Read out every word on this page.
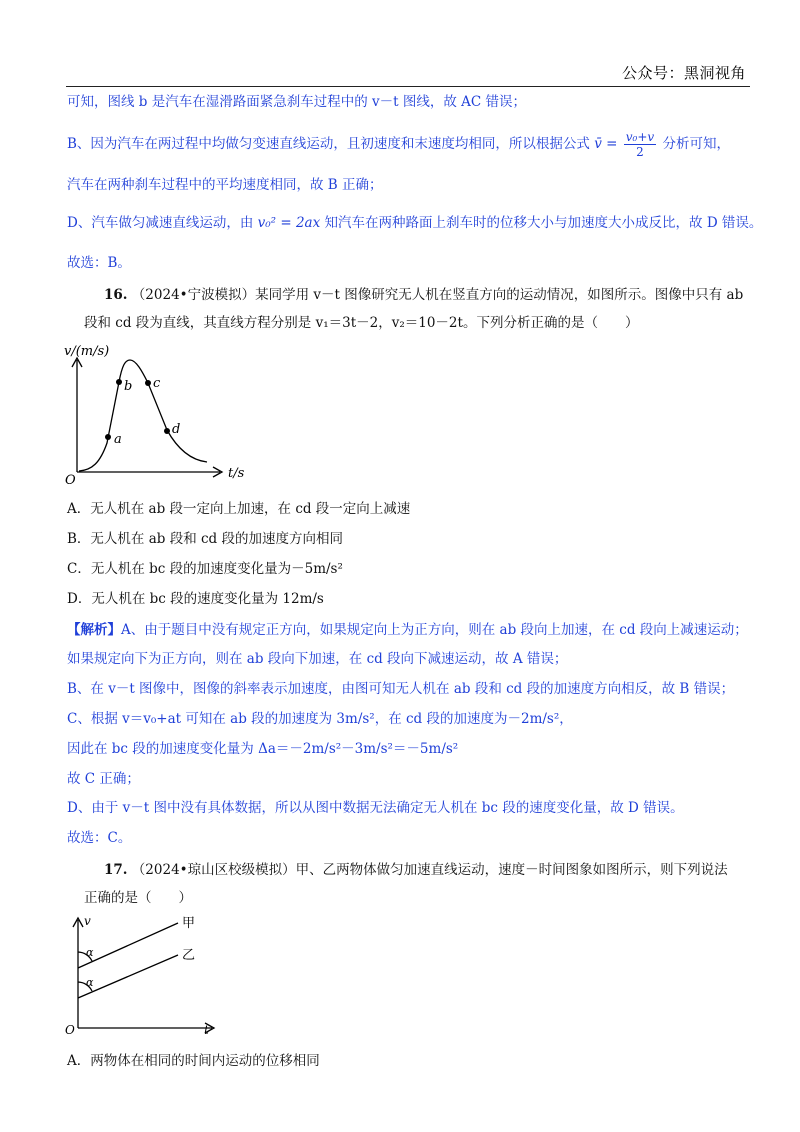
公众号：黑洞视角
可知，图线 b 是汽车在湿滑路面紧急刹车过程中的 v－t 图线，故 AC 错误；
B、因为汽车在两过程中均做匀变速直线运动，且初速度和末速度均相同，所以根据公式 v̄ = $\frac{\text{v₀+v}}{2}$ 分析可知，
汽车在两种刹车过程中的平均速度相同，故 B 正确；
D、汽车做匀减速直线运动，由 v₀² = 2ax 知汽车在两种路面上刹车时的位移大小与加速度大小成反比，故 D 错误。
故选：B。
16. （2024•宁波模拟）某同学用 v－t 图像研究无人机在竖直方向的运动情况，如图所示。图像中只有 ab
段和 cd 段为直线，其直线方程分别是 v₁＝3t－2，v₂＝10－2t。下列分析正确的是（　　）
v/(m/s)
t/s
O
a
b c
d
A．无人机在 ab 段一定向上加速，在 cd 段一定向上减速
B．无人机在 ab 段和 cd 段的加速度方向相同
C．无人机在 bc 段的加速度变化量为－5m/s²
D．无人机在 bc 段的速度变化量为 12m/s
【解析】A、由于题目中没有规定正方向，如果规定向上为正方向，则在 ab 段向上加速，在 cd 段向上减速运动；
如果规定向下为正方向，则在 ab 段向下加速，在 cd 段向下减速运动，故 A 错误；
B、在 v－t 图像中，图像的斜率表示加速度，由图可知无人机在 ab 段和 cd 段的加速度方向相反，故 B 错误；
C、根据 v＝v₀+at 可知在 ab 段的加速度为 3m/s²，在 cd 段的加速度为－2m/s²，
因此在 bc 段的加速度变化量为 Δa＝－2m/s²－3m/s²＝－5m/s²
故 C 正确；
D、由于 v－t 图中没有具体数据，所以从图中数据无法确定无人机在 bc 段的速度变化量，故 D 错误。
故选：C。
17. （2024•琼山区校级模拟）甲、乙两物体做匀加速直线运动，速度－时间图象如图所示，则下列说法
正确的是（　　）
v
t
O
甲
乙
α
α
A．两物体在相同的时间内运动的位移相同
